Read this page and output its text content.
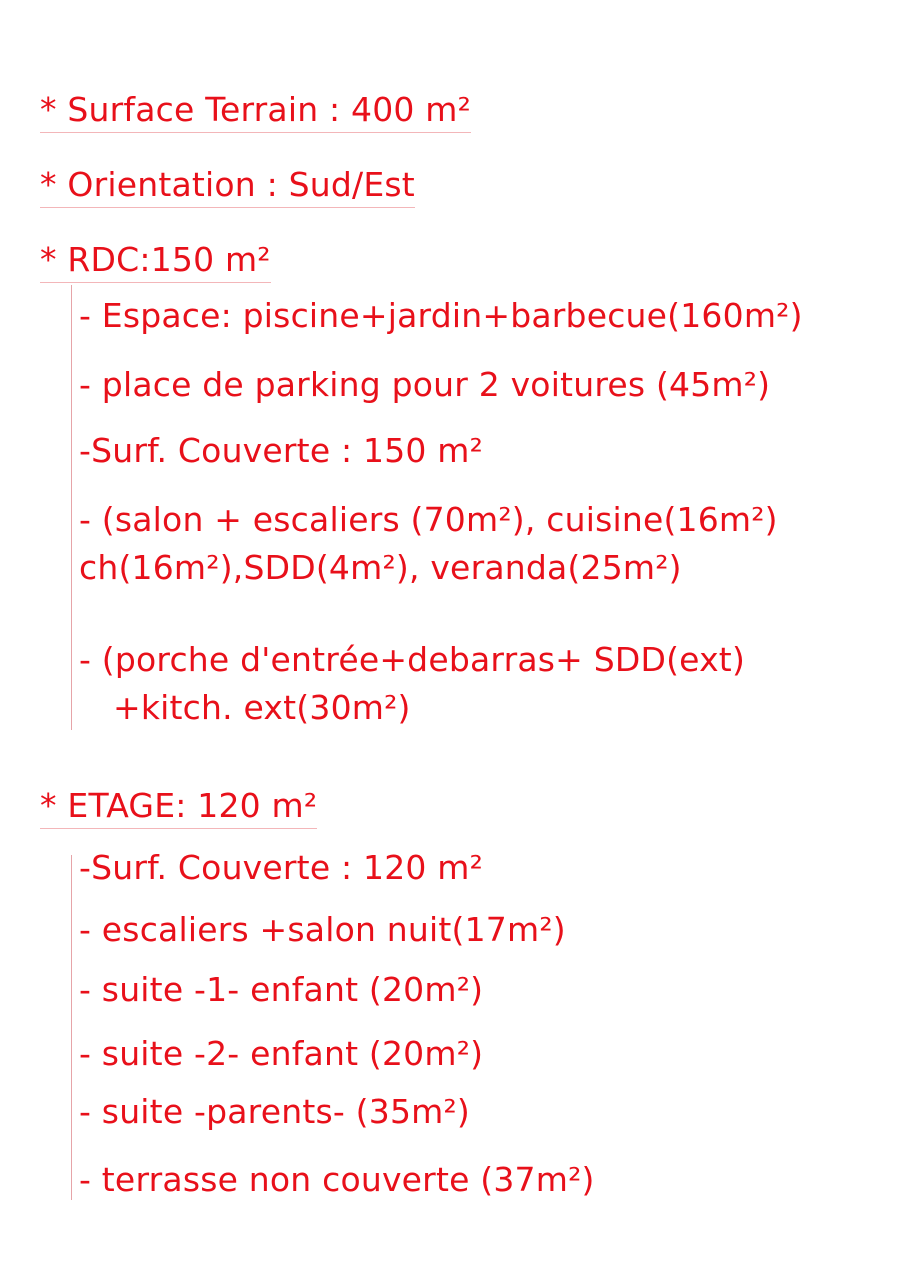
* Surface Terrain : 400 m²
* Orientation : Sud/Est
* RDC:150 m²
- Espace: piscine+jardin+barbecue(160m²)
- place de parking pour 2 voitures (45m²)
-Surf. Couverte : 150 m²
- (salon + escaliers (70m²), cuisine(16m²)
ch(16m²),SDD(4m²), veranda(25m²)
- (porche d'entrée+debarras+ SDD(ext)
+kitch. ext(30m²)
* ETAGE: 120 m²
-Surf. Couverte : 120 m²
- escaliers +salon nuit(17m²)
- suite -1- enfant (20m²)
- suite -2- enfant (20m²)
- suite -parents- (35m²)
- terrasse non couverte (37m²)
